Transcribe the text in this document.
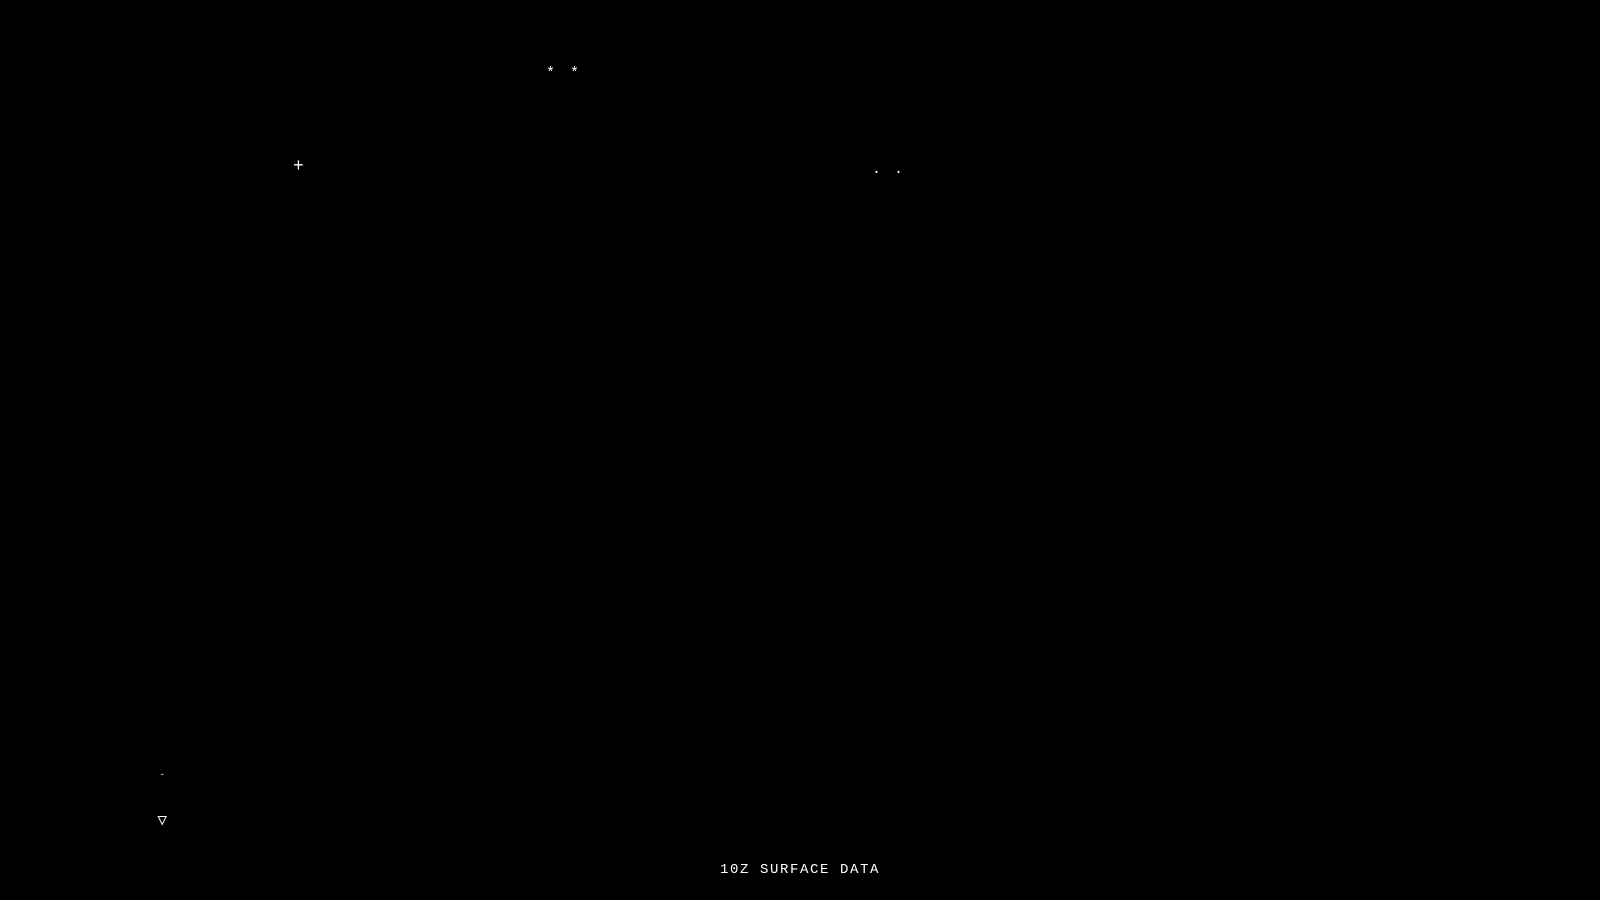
* *
+	. .

˘

▽

10Z SURFACE DATA
